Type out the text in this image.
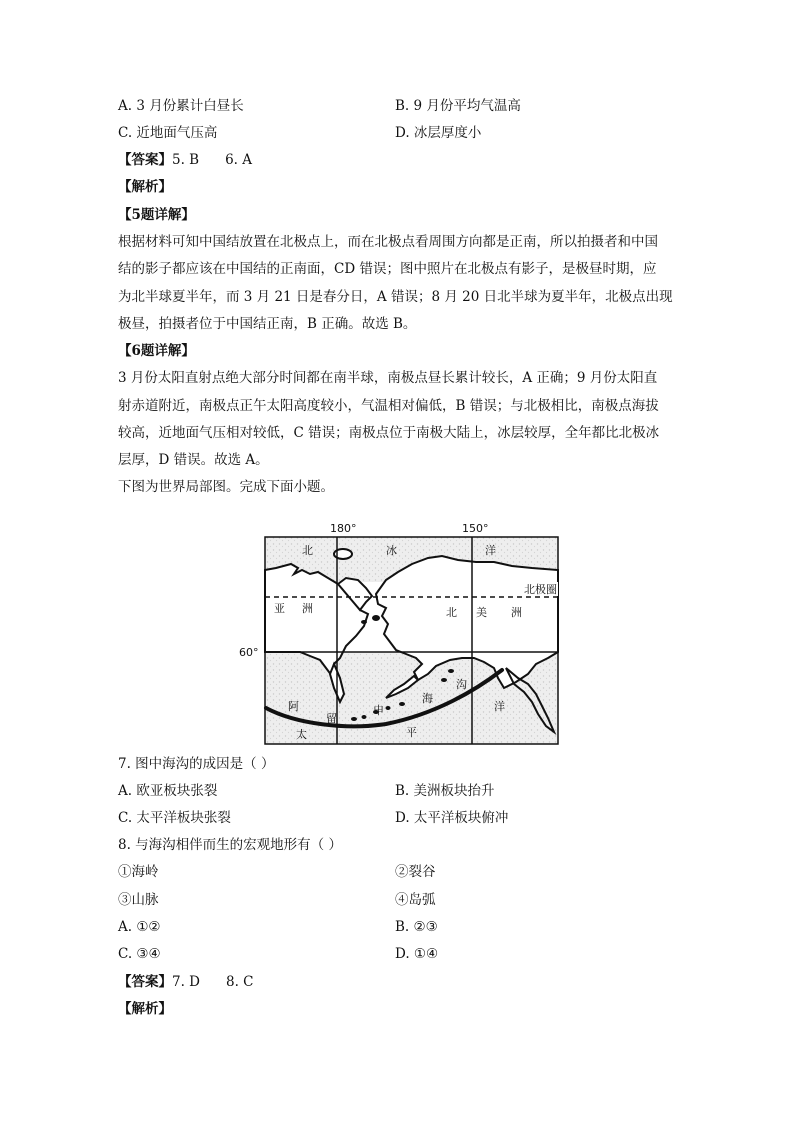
A. 3 月份累计白昼长	B. 9 月份平均气温高
C. 近地面气压高	D. 冰层厚度小
【答案】5. B 6. A
【解析】
【5题详解】
根据材料可知中国结放置在北极点上，而在北极点看周围方向都是正南，所以拍摄者和中国
结的影子都应该在中国结的正南面，CD 错误；图中照片在北极点有影子，是极昼时期，应
为北半球夏半年，而 3 月 21 日是春分日，A 错误；8 月 20 日北半球为夏半年，北极点出现
极昼，拍摄者位于中国结正南，B 正确。故选 B。
【6题详解】
3 月份太阳直射点绝大部分时间都在南半球，南极点昼长累计较长，A 正确；9 月份太阳直
射赤道附近，南极点正午太阳高度较小，气温相对偏低，B 错误；与北极相比，南极点海拔
较高，近地面气压相对较低，C 错误；南极点位于南极大陆上，冰层较厚，全年都比北极冰
层厚，D 错误。故选 A。
下图为世界局部图。完成下面小题。
180°	150°
60°
北极圈
北	冰	洋
亚 洲	北 美 洲
阿
留
申
海
沟
洋
太	平
7. 图中海沟的成因是（ ）
A. 欧亚板块张裂	B. 美洲板块抬升
C. 太平洋板块张裂	D. 太平洋板块俯冲
8. 与海沟相伴而生的宏观地形有（ ）
①海岭	②裂谷
③山脉	④岛弧
A. ①②	B. ②③
C. ③④	D. ①④
【答案】7. D 8. C
【解析】
